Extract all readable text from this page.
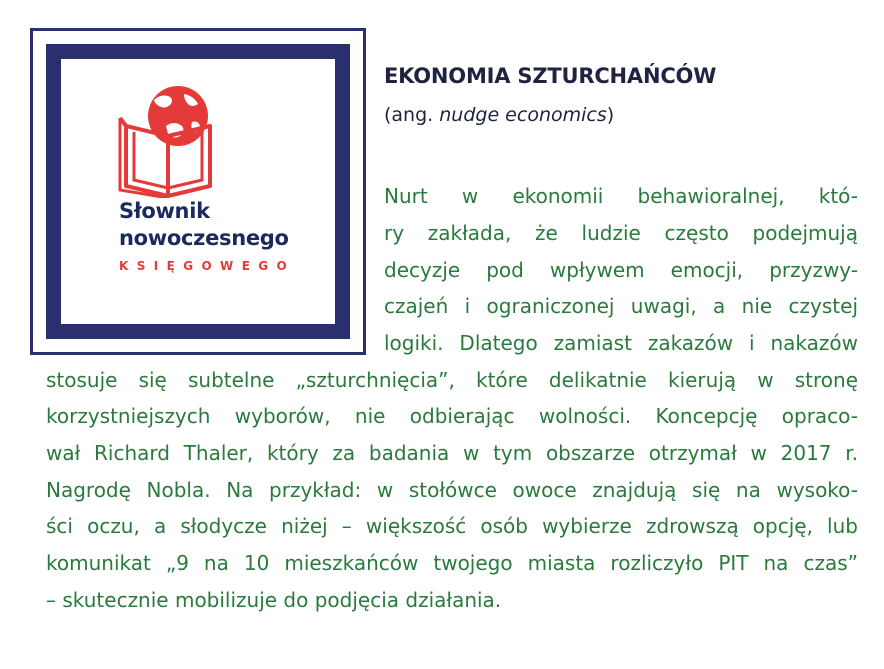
Słownik
nowoczesnego
KSIĘGOWEGO
EKONOMIA SZTURCHAŃCÓW
(ang. nudge economics)
Nurt w ekonomii behawioralnej, któ-
ry zakłada, że ludzie często podejmują
decyzje pod wpływem emocji, przyzwy-
czajeń i ograniczonej uwagi, a nie czystej
logiki. Dlatego zamiast zakazów i nakazów
stosuje się subtelne „szturchnięcia”, które delikatnie kierują w stronę
korzystniejszych wyborów, nie odbierając wolności. Koncepcję opraco-
wał Richard Thaler, który za badania w tym obszarze otrzymał w 2017 r.
Nagrodę Nobla. Na przykład: w stołówce owoce znajdują się na wysoko-
ści oczu, a słodycze niżej – większość osób wybierze zdrowszą opcję, lub
komunikat „9 na 10 mieszkańców twojego miasta rozliczyło PIT na czas”
– skutecznie mobilizuje do podjęcia działania.
